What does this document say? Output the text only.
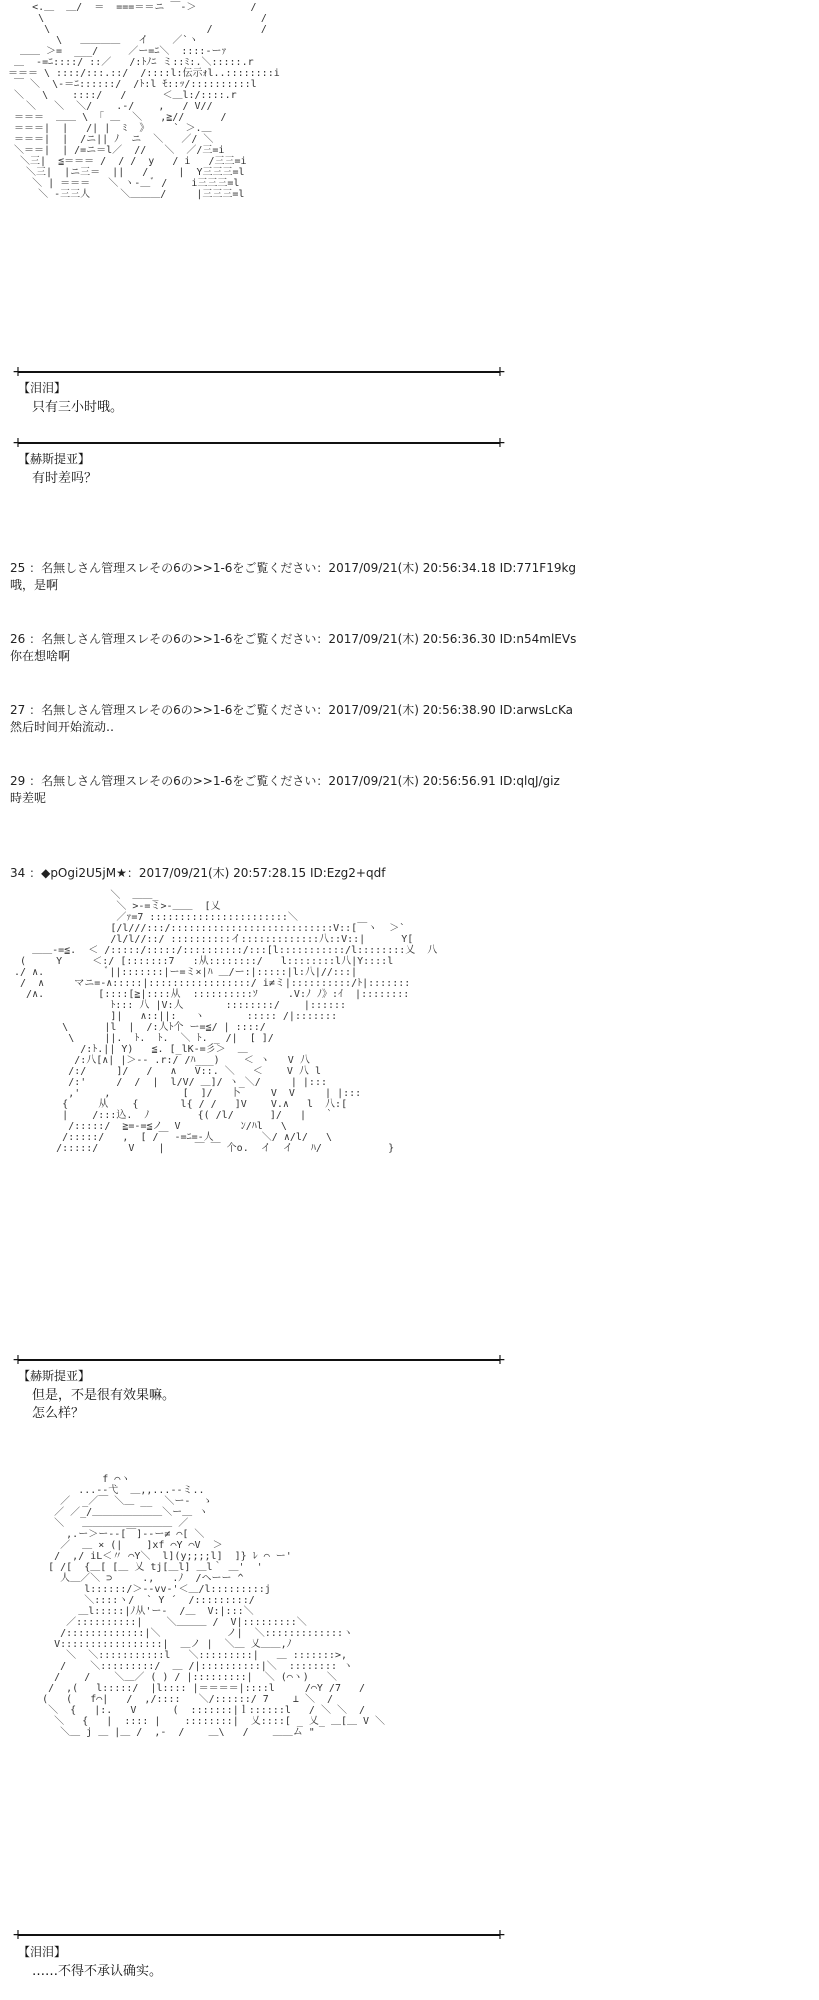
<.＿  ＿/  ＝  ===＝＝ニ ￣-＞         /
\                                    /
\                          /        /
\   ＿＿＿＿   イ    ／`ヽ
＿＿ ＞=  ___/     ／ー=ﾆ＼  ::::-ーｧ
＿  -=ﾆ::::/ ::／   /:ﾄﾉﾆ ミ::ﾐ:.＼:::::.r
＝＝＝ \ ::::/:::.::/  /::::l:伝示ｫl..::::::::i
￣ ＼  \-＝ﾆ::::::/  /ﾄ:l ﾓ::ｯ/::::::::::l
＼   \    ::::/   /      ＜＿l:/::::.r
＼   ＼  ＼/    .-/    ,   / V//
＝＝＝  ＿＿ \ 「 ＿  ＼   ,≧//      /
＝＝＝|  |   /| |  ﾐ  》    ` ＞.＿
＝＝＝|  |  /ニ|| ﾉ  ニ  ＼   ／/ ＼
＼＝＝|  | /=ニ＝l／  //   ＼  ／/三=i
＼三|  ≦＝＝＝ /  / /  y   / i   /三三=i
＼三|  |ニ三＝  ||   /     |  Y三三三=l
＼ | ＝＝＝   ＼ ヽ-＿ﾞ /    i三三三=l
＼ -三三人     ＼＿＿＿/     |三三三=l
+	+
【泪泪】
只有三小时哦。
+	+
【赫斯提亚】
有时差吗？
25 ：名無しさん管理スレその6の>>1-6をご覧ください：2017/09/21(木) 20:56:34.18 ID:771F19kg
哦，是啊
26 ：名無しさん管理スレその6の>>1-6をご覧ください：2017/09/21(木) 20:56:36.30 ID:n54mlEVs
你在想啥啊
27 ：名無しさん管理スレその6の>>1-6をご覧ください：2017/09/21(木) 20:56:38.90 ID:arwsLcKa
然后时间开始流动‥
29 ：名無しさん管理スレその6の>>1-6をご覧ください：2017/09/21(木) 20:56:56.91 ID:qlqJ/giz
時差呢
34 ：◆pOgi2U5jM★：2017/09/21(木) 20:57:28.15 ID:Ezg2+qdf
＼  ＿＿_
＼ >-=ミ>-＿＿  [乂
／ｧ=7 :::::::::::::::::::::::＼
[/l///:::/:::::::::::::::::::::::::::V::[￣ヽ  ＞`
/l/l//::/ ::::::::::イ:::::::::::::八::V::|      Y[
＿＿-=≦.  ＜ /:::::/:::::/::::::::::/:::[l:::::::::::/l::::::::乂  八
(     Y     ＜:/ [:::::::7   :从::::::::/   l::::::::l八|Y::::l
./ ∧.          ﾞ||:::::::|ー=ミ×|ﾊ ＿/ー:|:::::|l:八|//:::|
/  ∧     マニ=-∧:::::|:::::::::::::::::/ i≠ミ|::::::::::/ﾄ|:::::::
/∧.         [::::[≧|::::从  ::::::::::ｿ     .V:ﾉ ﾉ》:ｲ  |::::::::
ﾄ::: 八 |V:人       ::::::::/    |::::::
]|   ∧::||:   ヽ       ::::: /|:::::::
\      |l  |  /:人ﾄ个 ー=≦/ | ::::/
\     ||.  ﾄ.  ﾄ.  ＼ ﾄ. _ /|  [ ]/
/:ﾄ.|| Y)   ≦. [_lK-=彡＞  ＿
/:八[∧| |＞-- .r:/ /ﾊ___)    ＜ ヽ   V 八
/:/     ]/   /   ∧   V::. ＼   ＜    V 八 l
/:'     /  /  |  l/V/ ＿]/ ヽ_＼/     | |:::
,'    ,            [  ]/   卜     V  V     | |:::
{     从    {       l{ / /   ]V    V.∧   l  八:[
|    /:::込.  ﾉ        {( /l/      ]/   |   ｀
/:::::/  ≧=-=≦ノ  V          ﾝ/ﾊl   \
/:::::/   ,  [ /￣ -=ﾆ=-人        ＼/ ∧/l/   \
/:::::/     V    |     ￣ ￣ 个o.  イ  イ   ﾊ/           }
+	+
【赫斯提亚】
但是，不是很有效果嘛。
怎么样？
f ⌒ヽ
...--弋  ＿,,...--ミ..
／  _／￣ ＼＿ __  ＼ー-  ゝ
／ ／_/＿＿＿＿＿＿＿＼ー＿ ヽ
＼   ＿＿＿＿＿＿＿＿＿ ／
,.ー＞ー--[￣]--ー≠ ⌒[ ＼
／  ＿ × (|    ]xf ⌒Y ⌒V  ＞
/  ,/ iL＜〃 ⌒Y＼  l](y;;;;l]  ]} ﾚ ⌒ ー'
[ /[  {＿[ [＿ 乂 tj[＿l] ＿l｀ ＿'  '
人＿／＼ ⊃     .,   .ﾉ  /ヘーー ^
l::::::/＞--vv-'＜＿/l:::::::::j
＼::::ヽ/  ` Y ´  /:::::::::/
＿l:::::|ﾉ从'ー-  /＿  V:|:::＼
／::::::::::|    ＼＿＿＿ /  V|:::::::::＼
/:::::::::::::|＼           ノ|  ＼:::::::::::::ヽ
V:::::::::::::::::|  ＿ノ |  ＼＿ 乂＿＿,ﾉ
＼  ＼:::::::::::l   ＼:::::::::|   ＿ :::::::>,
/    ＼:::::::::/  ＿ /|::::::::::|＼  :::::::: ヽ
/    /    ＼＿／ ( ) / |:::::::::|  ＼ (⌒ヽ)   ＼
/  ,(   l:::::/  |l:::: |＝＝＝＝|::::l     /⌒Y /7   /
(   (   f⌒|   /  ,/::::   ＼/::::::/ 7    ⊥ ＼  /
＼  {   |:.   V      (  :::::::|ｌ::::::l   / ＼ ＼  /
＼   {   |  :::: |    ::::::::|  乂::::[ _ 乂_ ＿[＿ V ＼
＼＿ j ＿ |＿ /  ,-  /    ＿\   /    ＿＿ム "
+	+
【泪泪】
……不得不承认确实。
